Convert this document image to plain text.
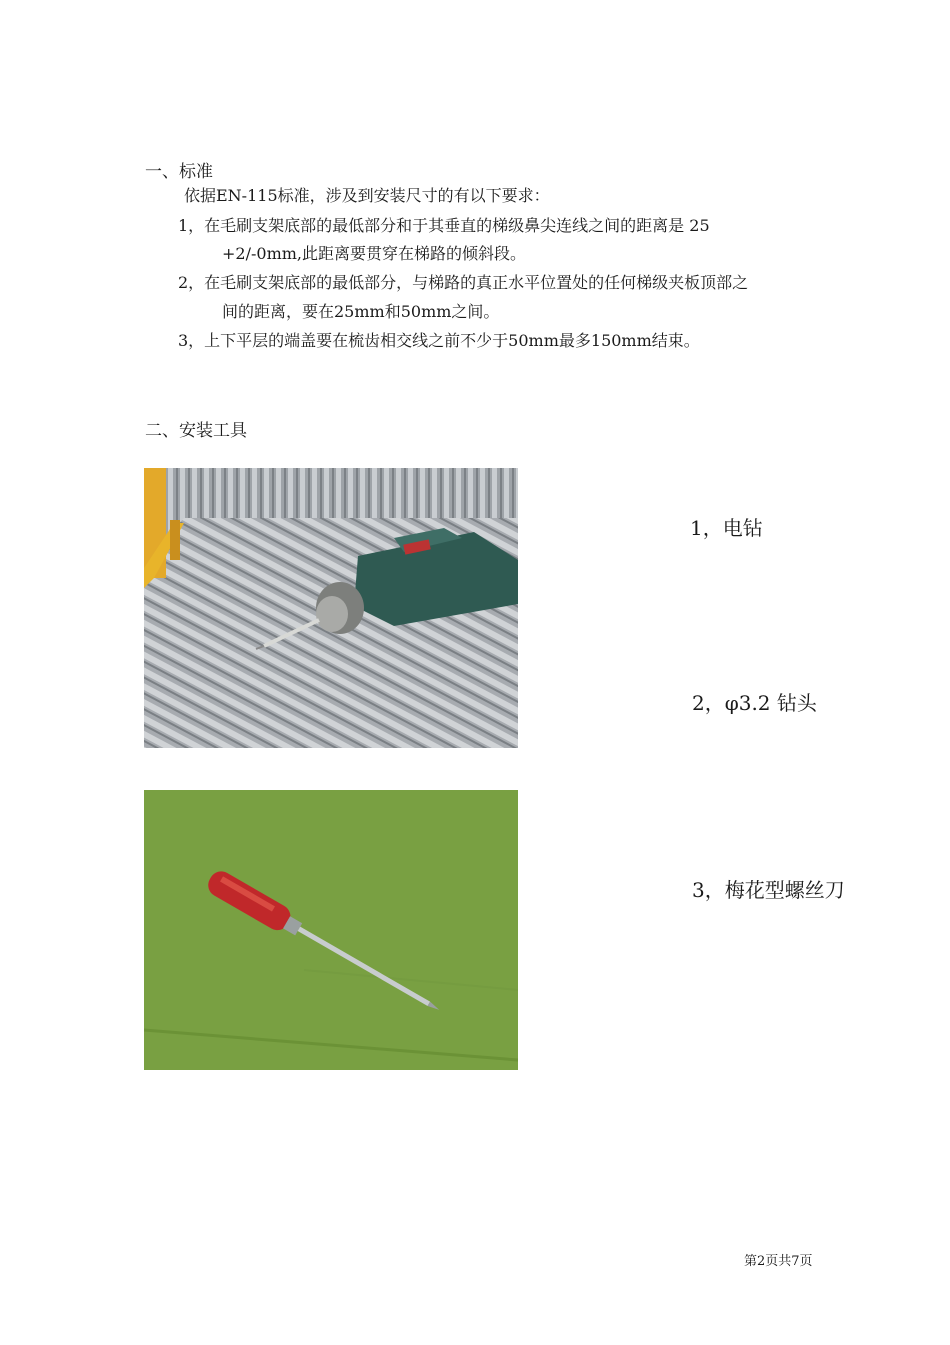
一、标准
依据EN-115标准，涉及到安装尺寸的有以下要求：
1，在毛刷支架底部的最低部分和于其垂直的梯级鼻尖连线之间的距离是 25
+2/-0mm,此距离要贯穿在梯路的倾斜段。
2，在毛刷支架底部的最低部分，与梯路的真正水平位置处的任何梯级夹板顶部之
间的距离，要在25mm和50mm之间。
3，上下平层的端盖要在梳齿相交线之前不少于50mm最多150mm结束。
二、安装工具
1，电钻
2，φ3.2 钻头
3，梅花型螺丝刀
第2页共7页
